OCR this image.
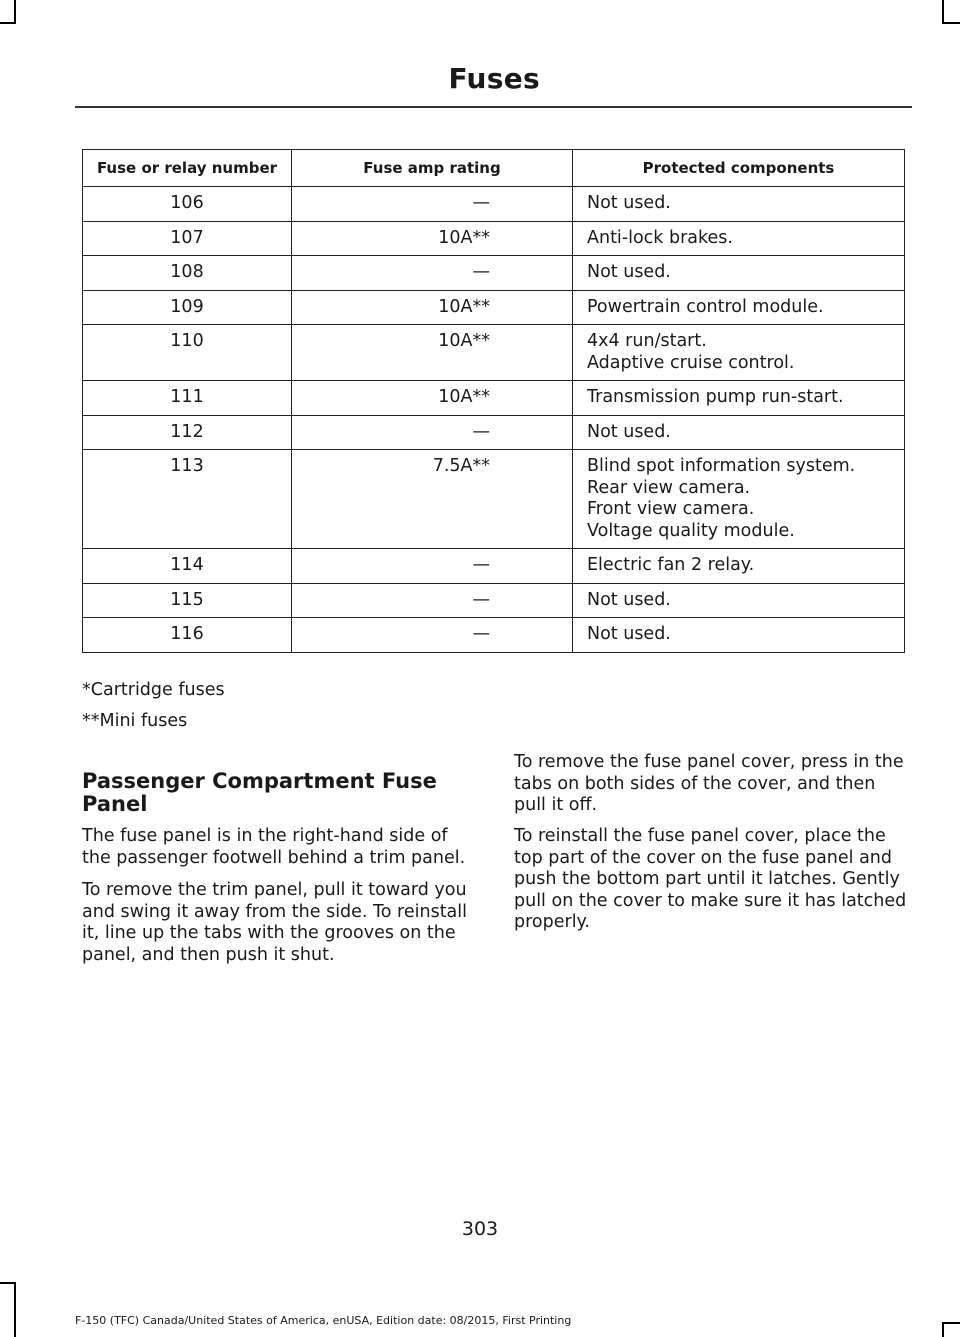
Fuses
Fuse or relay number	Fuse amp rating	Protected components
106	—	Not used.

107	10A**	Anti-lock brakes.

108	—	Not used.

109	10A**	Powertrain control module.

110	10A**	4x4 run/start.
Adaptive cruise control.

111	10A**	Transmission pump run-start.

112	—	Not used.

113	7.5A**	Blind spot information system.
Rear view camera.
Front view camera.
Voltage quality module.

114	—	Electric fan 2 relay.

115	—	Not used.

116	—	Not used.
*Cartridge fuses
**Mini fuses
Passenger Compartment Fuse Panel

The fuse panel is in the right-hand side of the passenger footwell behind a trim panel.

To remove the trim panel, pull it toward you and swing it away from the side. To reinstall it, line up the tabs with the grooves on the panel, and then push it shut.

To remove the fuse panel cover, press in the tabs on both sides of the cover, and then pull it off.

To reinstall the fuse panel cover, place the top part of the cover on the fuse panel and push the bottom part until it latches. Gently pull on the cover to make sure it has latched properly.

303
F-150 (TFC) Canada/United States of America, enUSA, Edition date: 08/2015, First Printing
